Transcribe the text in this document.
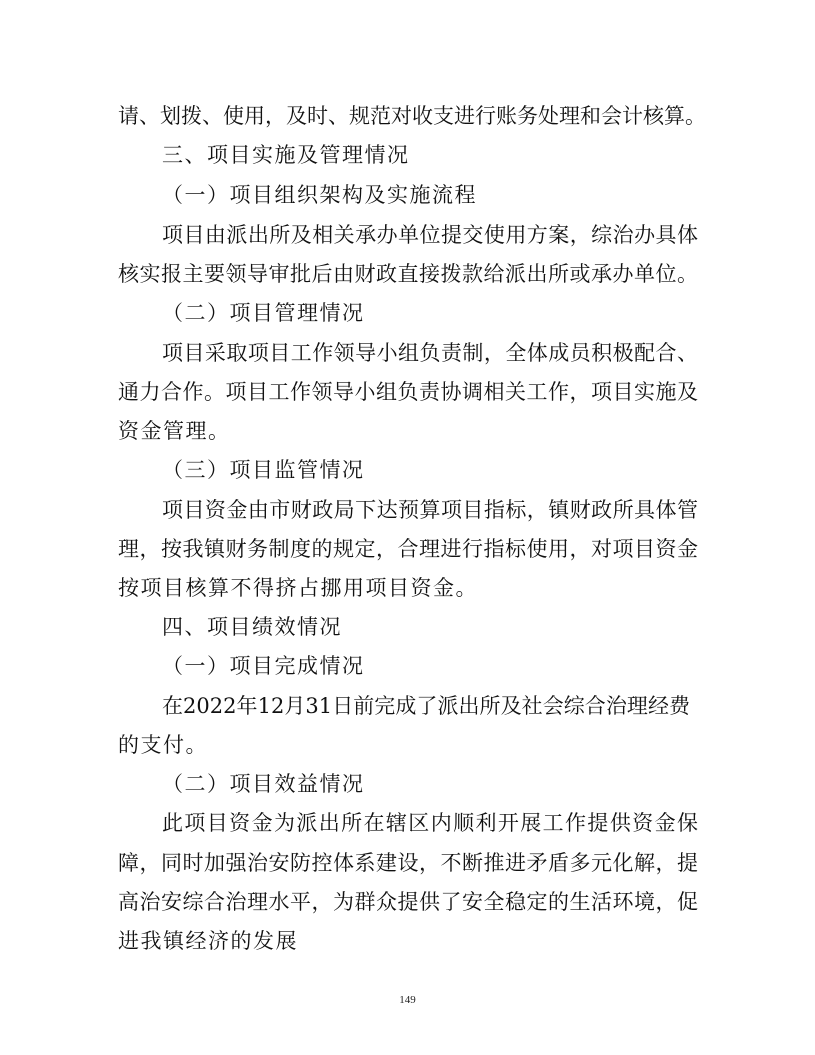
请、划拨、使用，及时、规范对收支进行账务处理和会计核算。
三、项目实施及管理情况
（一）项目组织架构及实施流程
项目由派出所及相关承办单位提交使用方案，综治办具体
核实报主要领导审批后由财政直接拨款给派出所或承办单位。
（二）项目管理情况
项目采取项目工作领导小组负责制，全体成员积极配合、
通力合作。项目工作领导小组负责协调相关工作，项目实施及
资金管理。
（三）项目监管情况
项目资金由市财政局下达预算项目指标，镇财政所具体管
理，按我镇财务制度的规定，合理进行指标使用，对项目资金
按项目核算不得挤占挪用项目资金。
四、项目绩效情况
（一）项目完成情况
在2022年12月31日前完成了派出所及社会综合治理经费
的支付。
（二）项目效益情况
此项目资金为派出所在辖区内顺利开展工作提供资金保
障，同时加强治安防控体系建设，不断推进矛盾多元化解，提
高治安综合治理水平，为群众提供了安全稳定的生活环境，促
进我镇经济的发展
149
